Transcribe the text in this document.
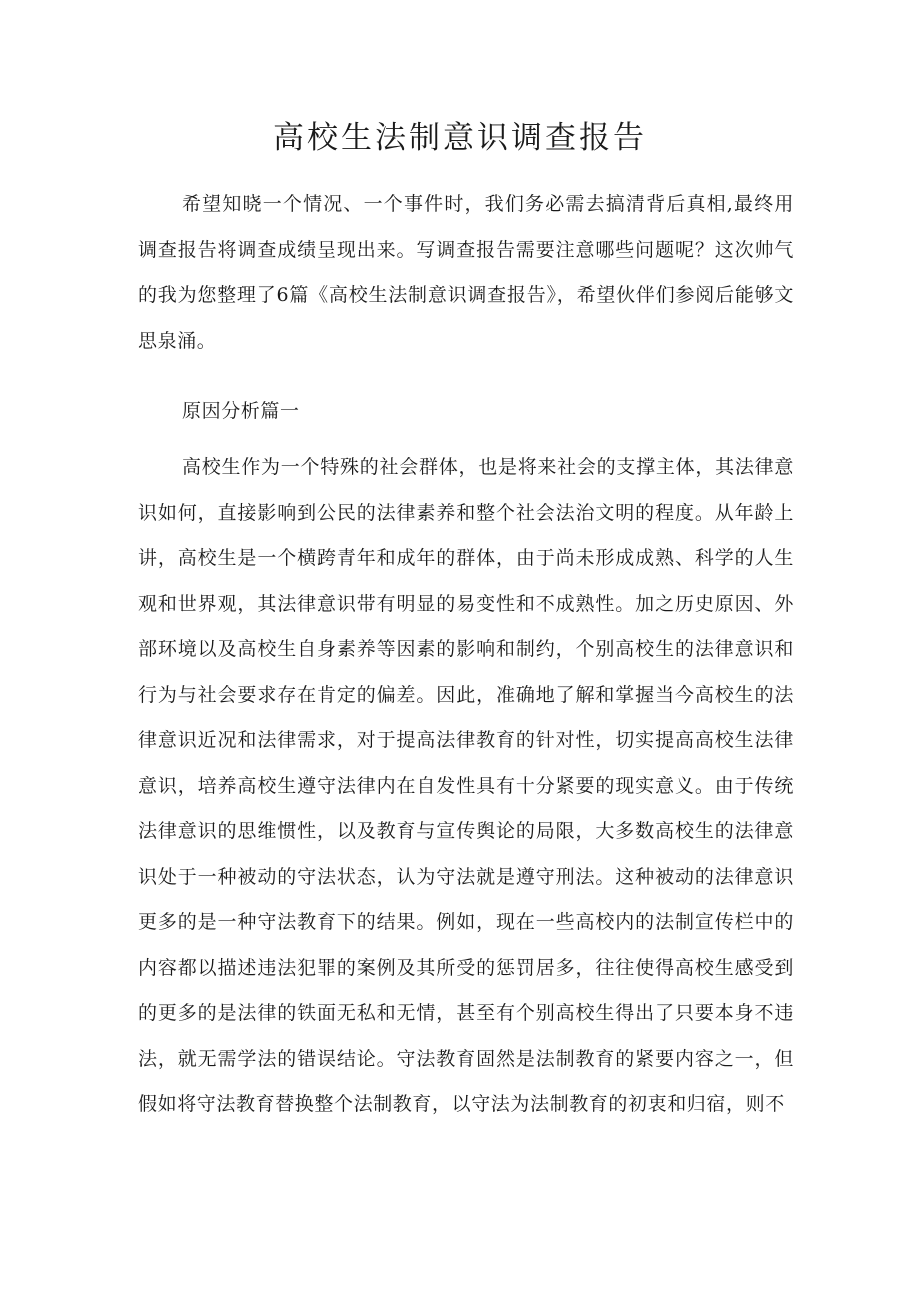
高校生法制意识调查报告

希望知晓一个情况、一个事件时，我们务必需去搞清背后真相,最终用调查报告将调查成绩呈现出来。写调查报告需要注意哪些问题呢？这次帅气的我为您整理了6篇《高校生法制意识调查报告》，希望伙伴们参阅后能够文思泉涌。

原因分析篇一

高校生作为一个特殊的社会群体，也是将来社会的支撑主体，其法律意识如何，直接影响到公民的法律素养和整个社会法治文明的程度。从年龄上讲，高校生是一个横跨青年和成年的群体，由于尚未形成成熟、科学的人生观和世界观，其法律意识带有明显的易变性和不成熟性。加之历史原因、外部环境以及高校生自身素养等因素的影响和制约，个别高校生的法律意识和行为与社会要求存在肯定的偏差。因此，准确地了解和掌握当今高校生的法律意识近况和法律需求，对于提高法律教育的针对性，切实提高高校生法律意识，培养高校生遵守法律内在自发性具有十分紧要的现实意义。由于传统法律意识的思维惯性，以及教育与宣传舆论的局限，大多数高校生的法律意识处于一种被动的守法状态，认为守法就是遵守刑法。这种被动的法律意识更多的是一种守法教育下的结果。例如，现在一些高校内的法制宣传栏中的内容都以描述违法犯罪的案例及其所受的惩罚居多，往往使得高校生感受到的更多的是法律的铁面无私和无情，甚至有个别高校生得出了只要本身不违法，就无需学法的错误结论。守法教育固然是法制教育的紧要内容之一，但假如将守法教育替换整个法制教育，以守法为法制教育的初衷和归宿，则不
